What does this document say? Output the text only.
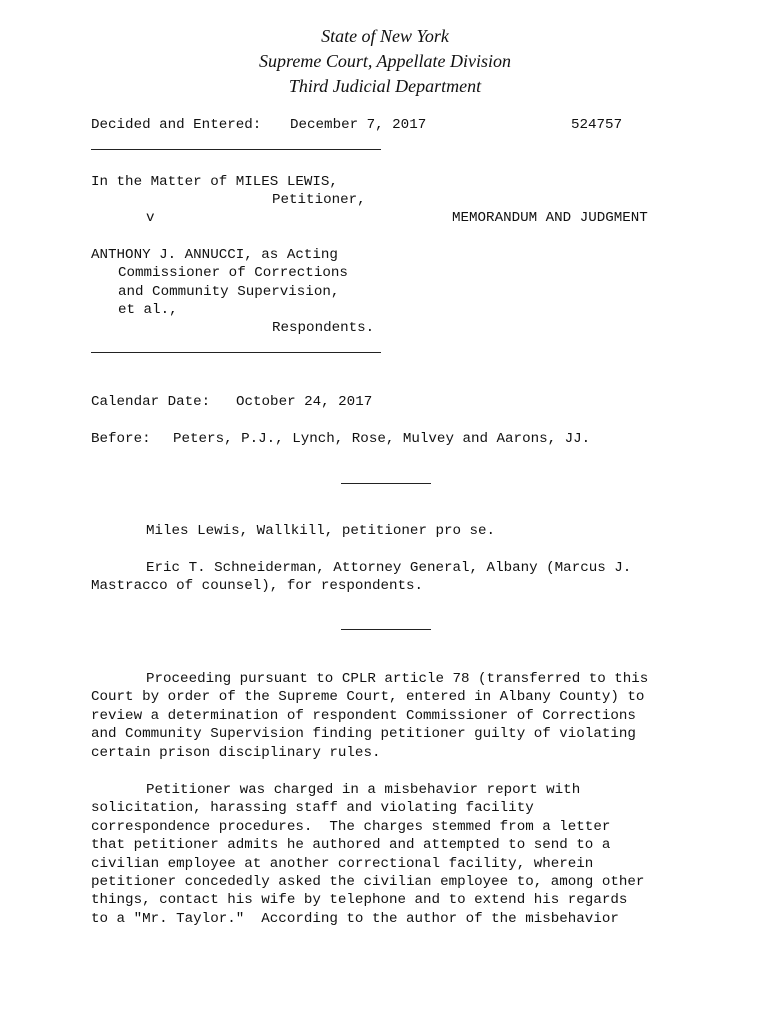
State of New York
Supreme Court, Appellate Division
Third Judicial Department
Decided and Entered: December 7, 2017	524757
In the Matter of MILES LEWIS,
Petitioner,
v	MEMORANDUM AND JUDGMENT
ANTHONY J. ANNUCCI, as Acting
Commissioner of Corrections
and Community Supervision,
et al.,
Respondents.
Calendar Date: October 24, 2017
Before: Peters, P.J., Lynch, Rose, Mulvey and Aarons, JJ.
Miles Lewis, Wallkill, petitioner pro se.
Eric T. Schneiderman, Attorney General, Albany (Marcus J.
Mastracco of counsel), for respondents.
Proceeding pursuant to CPLR article 78 (transferred to this
Court by order of the Supreme Court, entered in Albany County) to
review a determination of respondent Commissioner of Corrections
and Community Supervision finding petitioner guilty of violating
certain prison disciplinary rules.
Petitioner was charged in a misbehavior report with
solicitation, harassing staff and violating facility
correspondence procedures.  The charges stemmed from a letter
that petitioner admits he authored and attempted to send to a
civilian employee at another correctional facility, wherein
petitioner concededly asked the civilian employee to, among other
things, contact his wife by telephone and to extend his regards
to a "Mr. Taylor."  According to the author of the misbehavior
